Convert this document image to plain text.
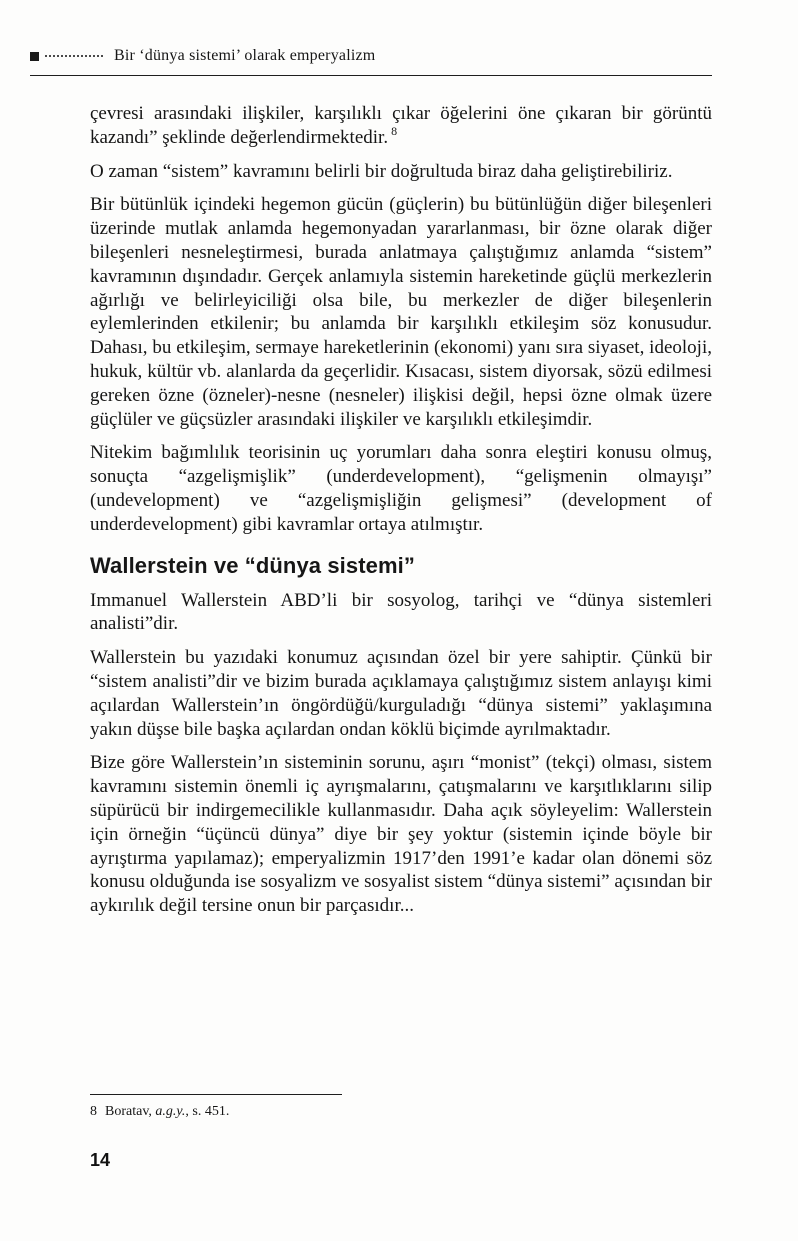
Bir ‘dünya sistemi’ olarak emperyalizm

çevresi arasındaki ilişkiler, karşılıklı çıkar öğelerini öne çıkaran bir görüntü kazandı” şeklinde değerlendirmektedir. $^8$

O zaman “sistem” kavramını belirli bir doğrultuda biraz daha geliştirebiliriz.

Bir bütünlük içindeki hegemon gücün (güçlerin) bu bütünlüğün diğer bileşenleri üzerinde mutlak anlamda hegemonyadan yararlanması, bir özne olarak diğer bileşenleri nesneleştirmesi, burada anlatmaya çalıştığımız anlamda “sistem” kavramının dışındadır. Gerçek anlamıyla sistemin hareketinde güçlü merkezlerin ağırlığı ve belirleyiciliği olsa bile, bu merkezler de diğer bileşenlerin eylemlerinden etkilenir; bu anlamda bir karşılıklı etkileşim söz konusudur. Dahası, bu etkileşim, sermaye hareketlerinin (ekonomi) yanı sıra siyaset, ideoloji, hukuk, kültür vb. alanlarda da geçerlidir. Kısacası, sistem diyorsak, sözü edilmesi gereken özne (özneler)-nesne (nesneler) ilişkisi değil, hepsi özne olmak üzere güçlüler ve güçsüzler arasındaki ilişkiler ve karşılıklı etkileşimdir.

Nitekim bağımlılık teorisinin uç yorumları daha sonra eleştiri konusu olmuş, sonuçta “azgelişmişlik” (underdevelopment), “gelişmenin olmayışı” (undevelopment) ve “azgelişmişliğin gelişmesi” (development of underdevelopment) gibi kavramlar ortaya atılmıştır.

Wallerstein ve “dünya sistemi”

Immanuel Wallerstein ABD’li bir sosyolog, tarihçi ve “dünya sistemleri analisti”dir.

Wallerstein bu yazıdaki konumuz açısından özel bir yere sahiptir. Çünkü bir “sistem analisti”dir ve bizim burada açıklamaya çalıştığımız sistem anlayışı kimi açılardan Wallerstein’ın öngördüğü/kurguladığı “dünya sistemi” yaklaşımına yakın düşse bile başka açılardan ondan köklü biçimde ayrılmaktadır.

Bize göre Wallerstein’ın sisteminin sorunu, aşırı “monist” (tekçi) olması, sistem kavramını sistemin önemli iç ayrışmalarını, çatışmalarını ve karşıtlıklarını silip süpürücü bir indirgemecilikle kullanmasıdır. Daha açık söyleyelim: Wallerstein için örneğin “üçüncü dünya” diye bir şey yoktur (sistemin içinde böyle bir ayrıştırma yapılamaz); emperyalizmin 1917’den 1991’e kadar olan dönemi söz konusu olduğunda ise sosyalizm ve sosyalist sistem “dünya sistemi” açısından bir aykırılık değil tersine onun bir parçasıdır...

8 Boratav, a.g.y., s. 451.

14
